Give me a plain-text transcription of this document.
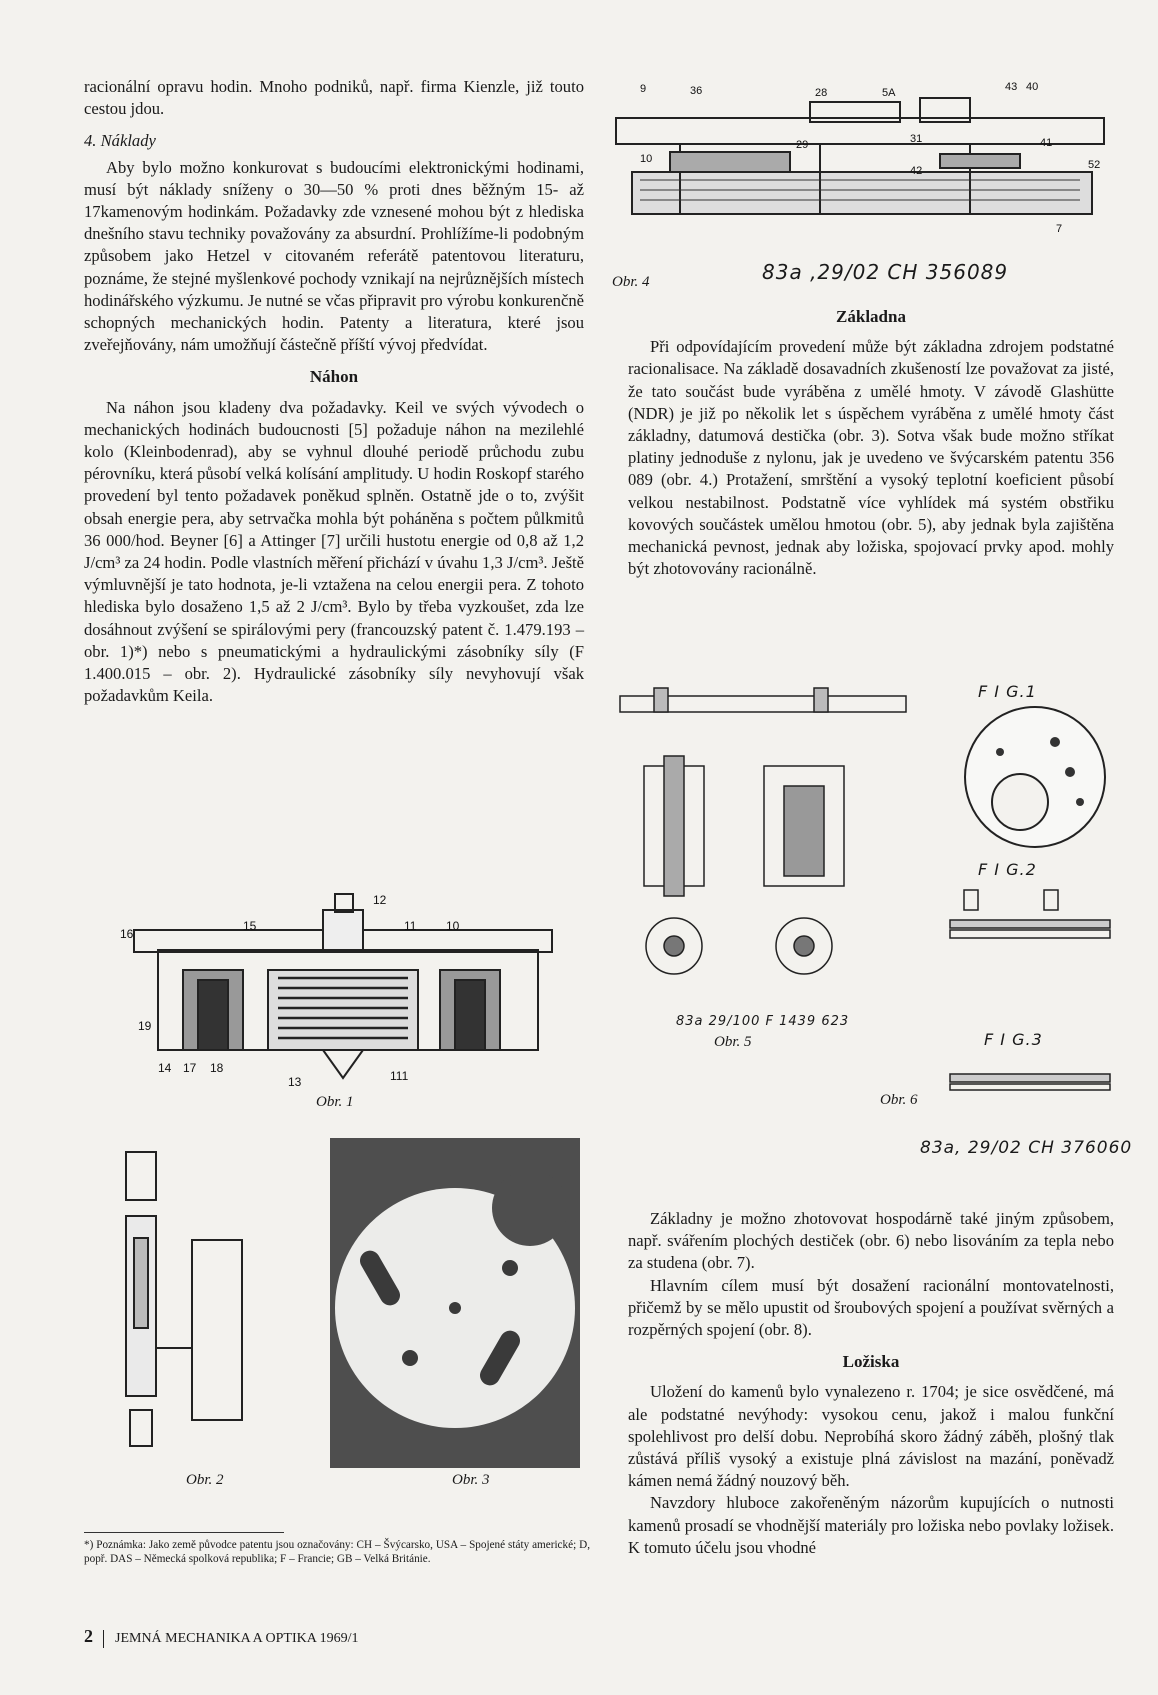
racionální opravu hodin. Mnoho podniků, např. firma Kienzle, již touto cestou jdou.

4. Náklady

Aby bylo možno konkurovat s budoucími elektronickými hodinami, musí být náklady sníženy o 30—50 % proti dnes běžným 15- až 17kamenovým hodinkám. Požadavky zde vznesené mohou být z hlediska dnešního stavu techniky považovány za absurdní. Prohlížíme-li podobným způsobem jako Hetzel v citovaném referátě patentovou literaturu, poznáme, že stejné myšlenkové pochody vznikají na nejrůznějších místech hodinářského výzkumu. Je nutné se včas připravit pro výrobu konkurenčně schopných mechanických hodin. Patenty a literatura, které jsou zveřejňovány, nám umožňují částečně příští vývoj předvídat.

Náhon

Na náhon jsou kladeny dva požadavky. Keil ve svých vývodech o mechanických hodinách budoucnosti [5] požaduje náhon na mezilehlé kolo (Kleinbodenrad), aby se vyhnul dlouhé periodě průchodu zubu pérovníku, která působí velká kolísání amplitudy. U hodin Roskopf starého provedení byl tento požadavek poněkud splněn. Ostatně jde o to, zvýšit obsah energie pera, aby setrvačka mohla být poháněna s počtem půlkmitů 36 000/hod. Beyner [6] a Attinger [7] určili hustotu energie od 0,8 až 1,2 J/cm³ za 24 hodin. Podle vlastních měření přichází v úvahu 1,3 J/cm³. Ještě výmluvnější je tato hodnota, je-li vztažena na celou energii pera. Z tohoto hlediska bylo dosaženo 1,5 až 2 J/cm³. Bylo by třeba vyzkoušet, zda lze dosáhnout zvýšení se spirálovými pery (francouzský patent č. 1.479.193 – obr. 1)*) nebo s pneumatickými a hydraulickými zásobníky síly (F 1.400.015 – obr. 2). Hydraulické zásobníky síly nevyhovují však požadavkům Keila.

12
11 10
15
16
19
14 17 18
13	111
Obr. 1
Obr. 2	Obr. 3
9	36	28	5A	43 40
10
29	31	41
42	52
7
Obr. 4	83a ,29/02 CH 356089
Základna

Při odpovídajícím provedení může být základna zdrojem podstatné racionalisace. Na základě dosavadních zkušeností lze považovat za jisté, že tato součást bude vyráběna z umělé hmoty. V závodě Glashütte (NDR) je již po několik let s úspěchem vyráběna z umělé hmoty část základny, datumová destička (obr. 3). Sotva však bude možno stříkat platiny jednoduše z nylonu, jak je uvedeno ve švýcarském patentu 356 089 (obr. 4.) Protažení, smrštění a vysoký teplotní koeficient působí velkou nestabilnost. Podstatně více vyhlídek má systém obstřiku kovových součástek umělou hmotou (obr. 5), aby jednak byla zajištěna mechanická pevnost, jednak aby ložiska, spojovací prvky apod. mohly být zhotovovány racionálně.

83a 29/100 F 1439 623
Obr. 5
F I G.1
F I G.2
F I G.3
Obr. 6
83a, 29/02 CH 376060

Základny je možno zhotovovat hospodárně také jiným způsobem, např. svářením plochých destiček (obr. 6) nebo lisováním za tepla nebo za studena (obr. 7).

Hlavním cílem musí být dosažení racionální montovatelnosti, přičemž by se mělo upustit od šroubových spojení a používat svěrných a rozpěrných spojení (obr. 8).

Ložiska

Uložení do kamenů bylo vynalezeno r. 1704; je sice osvědčené, má ale podstatné nevýhody: vysokou cenu, jakož i malou funkční spolehlivost pro delší dobu. Neprobíhá skoro žádný záběh, plošný tlak zůstává příliš vysoký a existuje plná závislost na mazání, poněvadž kámen nemá žádný nouzový běh.

Navzdory hlubоce zakořeněným názorům kupujících o nutnosti kamenů prosadí se vhodnější materiály pro ložiska nebo povlaky ložisek. K tomuto účelu jsou vhodné

*) Poznámka: Jako země původce patentu jsou označovány: CH – Švýcarsko, USA – Spojené státy americké; D, popř. DAS – Německá spolková republika; F – Francie; GB – Velká Británie.
2 JEMNÁ MECHANIKA A OPTIKA 1969/1
